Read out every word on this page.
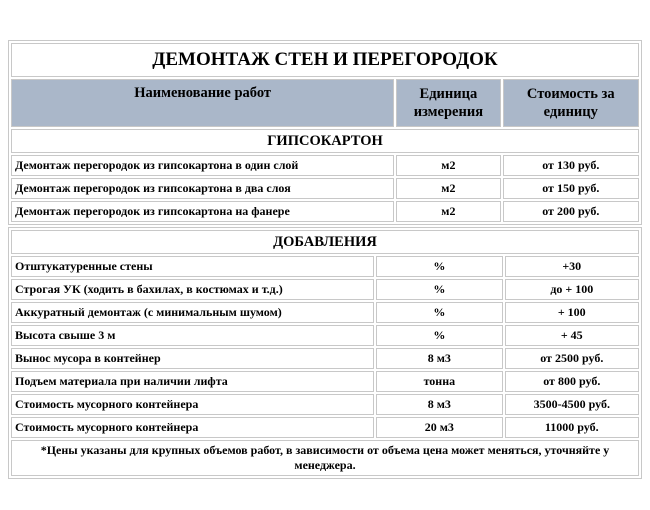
ДЕМОНТАЖ СТЕН И ПЕРЕГОРОДОК		
Наименование работ	Единица измерения	Стоимость за единицу
ГИПСОКАРТОН		
Демонтаж перегородок из гипсокартона в один слой	м2	от 130 руб.
Демонтаж перегородок из гипсокартона в два слоя	м2	от 150 руб.
Демонтаж перегородок из гипсокартона на фанере	м2	от 200 руб.
ДОБАВЛЕНИЯ		
Отштукатуренные стены	%	+30
Строгая УК (ходить в бахилах, в костюмах и т.д.)	%	до + 100
Аккуратный демонтаж (с минимальным шумом)	%	+ 100
Высота свыше 3 м	%	+ 45
Вынос мусора в контейнер	8 м3	от 2500 руб.
Подъем материала при наличии лифта	тонна	от 800 руб.
Стоимость мусорного контейнера	8 м3	3500-4500 руб.
Стоимость мусорного контейнера	20 м3	11000 руб.
*Цены указаны для крупных объемов работ, в зависимости от объема цена может меняться, уточняйте у менеджера.		
